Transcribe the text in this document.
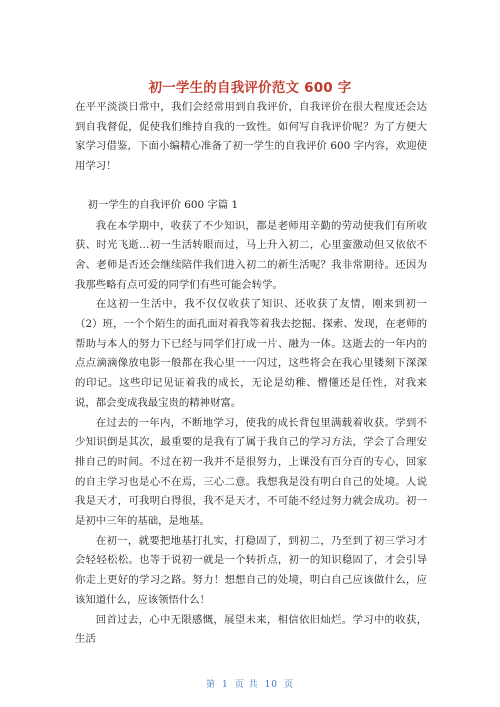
初一学生的自我评价范文 600 字

在平平淡淡日常中，我们会经常用到自我评价，自我评价在很大程度还会达到自我督促，促使我们维持自我的一致性。如何写自我评价呢？为了方便大家学习借鉴，下面小编精心准备了初一学生的自我评价 600 字内容，欢迎使用学习！

初一学生的自我评价 600 字篇 1

我在本学期中，收获了不少知识，都是老师用辛勤的劳动使我们有所收获、时光飞逝…初一生活转眼而过，马上升入初二，心里蛮激动但又依依不舍、老师是否还会继续陪伴我们进入初二的新生活呢？我非常期待。还因为我那些略有点可爱的同学们有些可能会转学。

在这初一生活中，我不仅仅收获了知识、还收获了友情，刚来到初一（2）班，一个个陌生的面孔面对着我等着我去挖掘、探索、发现，在老师的帮助与本人的努力下已经与同学们打成一片、融为一体。这逝去的一年内的点点滴滴像放电影一般都在我心里一一闪过，这些将会在我心里镂刻下深深的印记。这些印记见证着我的成长，无论是幼稚、懵懂还是任性，对我来说，都会变成我最宝贵的精神财富。

在过去的一年内，不断地学习，使我的成长背包里满载着收获。学到不少知识倒是其次，最重要的是我有了属于我自己的学习方法，学会了合理安排自己的时间。不过在初一我并不是很努力，上课没有百分百的专心，回家的自主学习也是心不在焉，三心二意。我想我是没有明白自己的处境。人说我是天才，可我明白得很，我不是天才，不可能不经过努力就会成功。初一是初中三年的基础，是地基。

在初一，就要把地基打扎实，打稳固了，到初二，乃至到了初三学习才会轻轻松松。也等于说初一就是一个转折点，初一的知识稳固了，才会引导你走上更好的学习之路。努力！想想自己的处境，明白自己应该做什么，应该知道什么，应该领悟什么！

回首过去，心中无限感慨，展望未来，相信依旧灿烂。学习中的收获，生活

第 1 页 共 10 页
